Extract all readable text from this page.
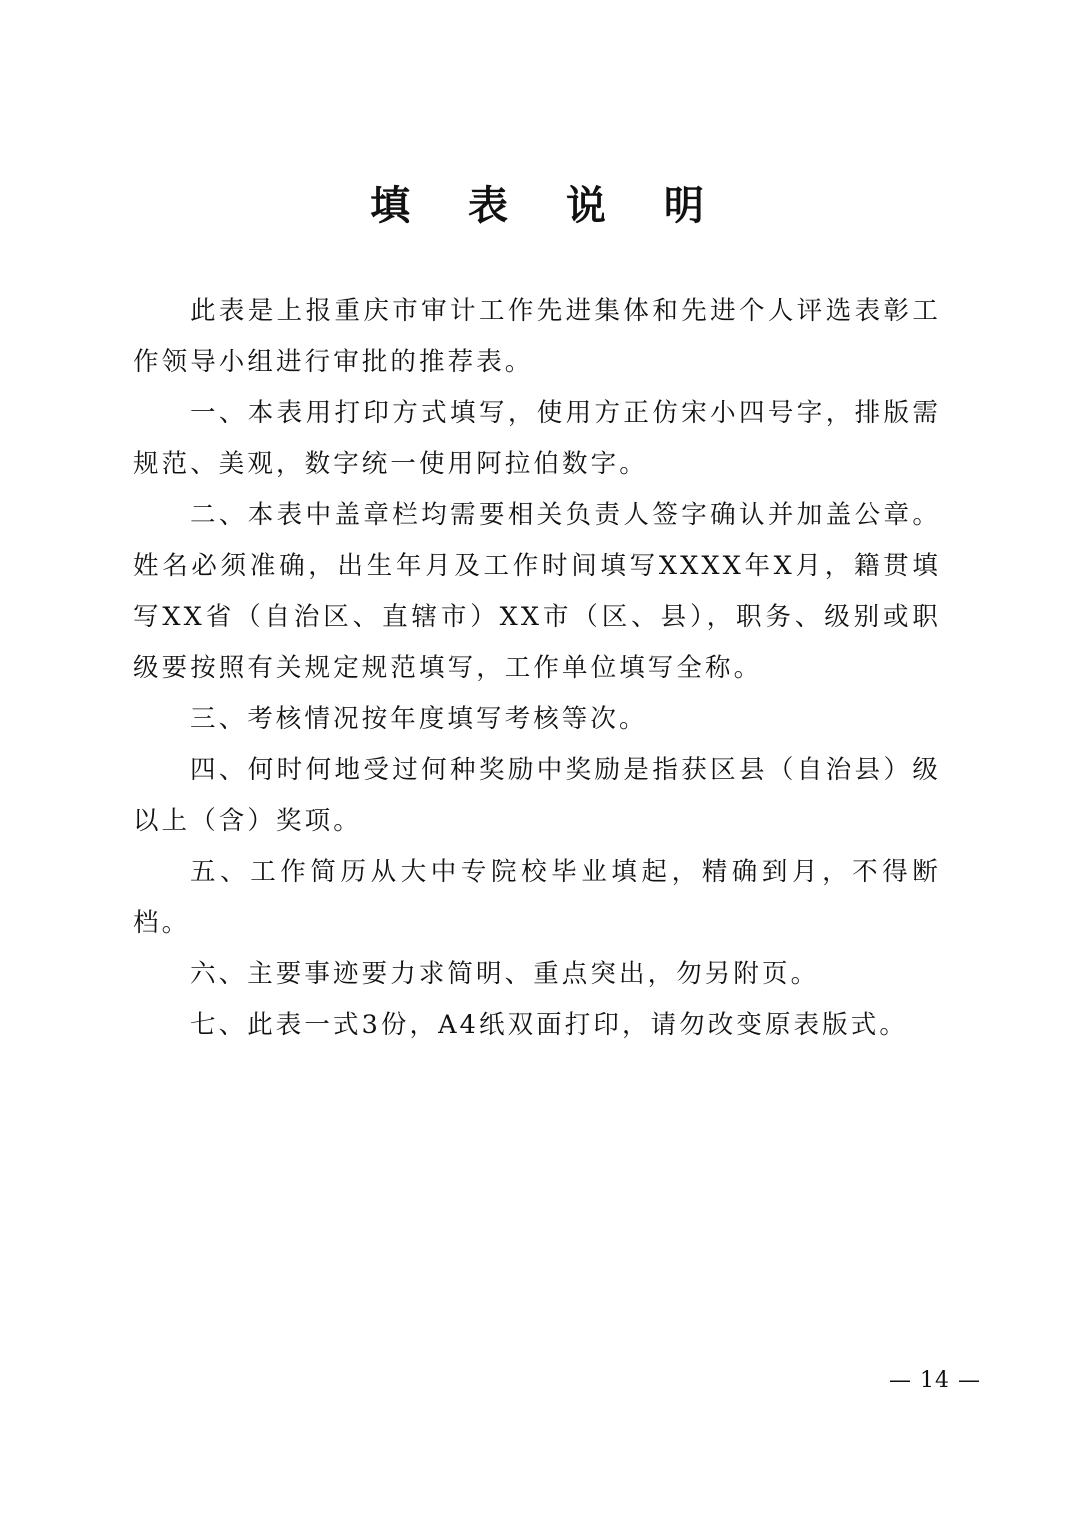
填 表 说 明

此表是上报重庆市审计工作先进集体和先进个人评选表彰工作领导小组进行审批的推荐表。

一、本表用打印方式填写，使用方正仿宋小四号字，排版需规范、美观，数字统一使用阿拉伯数字。

二、本表中盖章栏均需要相关负责人签字确认并加盖公章。姓名必须准确，出生年月及工作时间填写XXXX年X月，籍贯填写XX省（自治区、直辖市）XX市（区、县），职务、级别或职级要按照有关规定规范填写，工作单位填写全称。

三、考核情况按年度填写考核等次。

四、何时何地受过何种奖励中奖励是指获区县（自治县）级以上（含）奖项。

五、工作简历从大中专院校毕业填起，精确到月，不得断档。

六、主要事迹要力求简明、重点突出，勿另附页。

七、此表一式3份，A4纸双面打印，请勿改变原表版式。

— 14 —
